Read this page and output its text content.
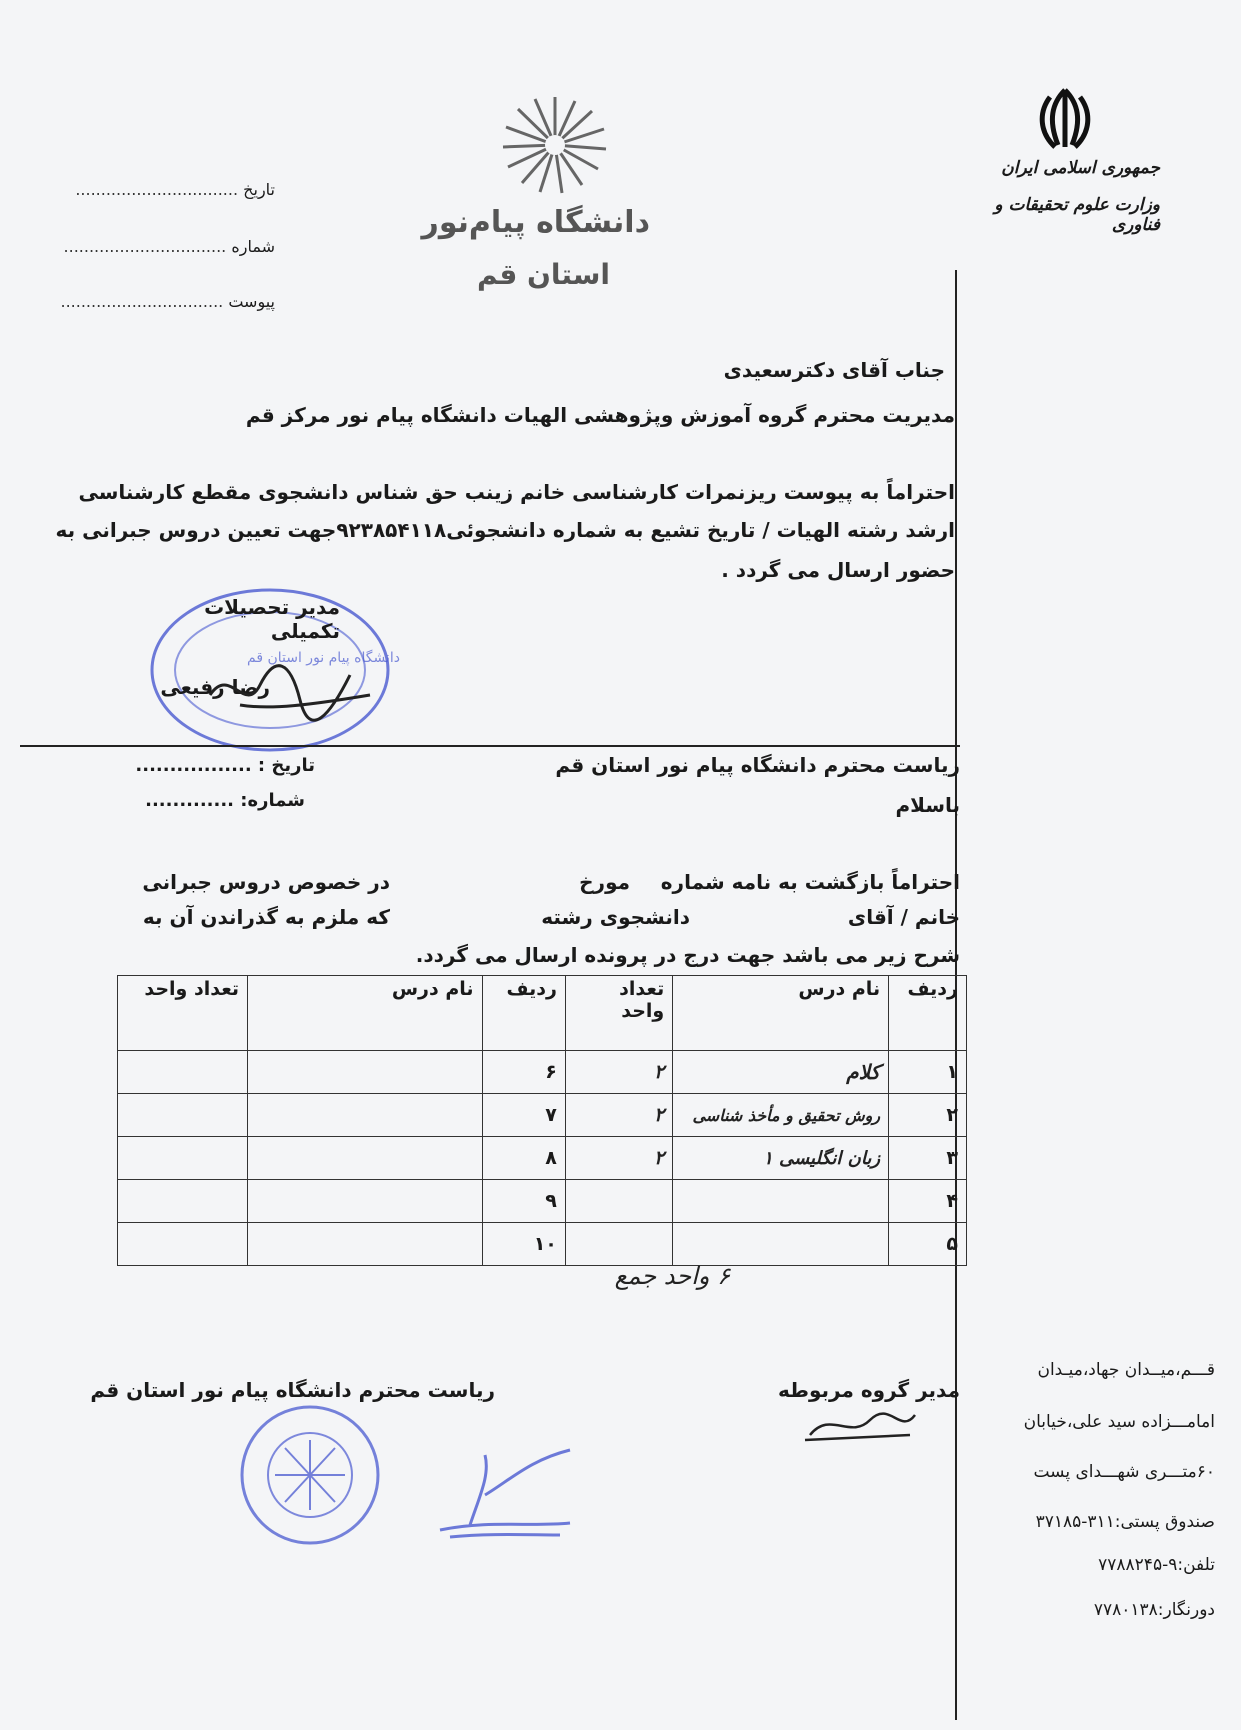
جمهوری اسلامی ایران
وزارت علوم تحقیقات و فناوری
دانشگاه پیام‌نور
استان قم
تاریخ ................................
شماره ................................
پیوست ................................
جناب آقای دکترسعیدی
مدیریت محترم گروه آموزش وپژوهشی الهیات دانشگاه پیام نور مرکز قم
احتراماً به پیوست ریزنمرات کارشناسی خانم زینب حق شناس دانشجوی مقطع کارشناسی
ارشد رشته الهیات / تاریخ تشیع به شماره دانشجوئی۹۲۳۸۵۴۱۱۸جهت تعیین دروس جبرانی به
حضور ارسال می گردد .
دانشگاه پیام نور استان قم
مدیر تحصیلات تکمیلی
رضا رفیعی
تاریخ : .................
شماره: .............
ریاست محترم دانشگاه پیام نور استان قم
باسلام
احتراماً بازگشت به نامه شماره
مورخ
در خصوص دروس جبرانی
خانم / آقای
دانشجوی رشته
که ملزم به گذراندن آن به
شرح زیر می باشد جهت درج در پرونده ارسال می گردد.
ردیف	نام درس	تعداد واحد	ردیف	نام درس	تعداد واحد
۱	کلام	۲	۶		
۲	روش تحقیق و مأخذ شناسی	۲	۷		
۳	زبان انگلیسی ۱	۲	۸		
۴			۹		
۵			۱۰		
۶ واحد جمع
مدیر گروه مربوطه
ریاست محترم دانشگاه پیام نور استان قم
قـــم،میــدان جهاد،میـدان
امامـــزاده سید علی،خیابان
۶۰متـــری شهـــدای پست
صندوق پستی:۳۱۱-۳۷۱۸۵
تلفن:۹-۷۷۸۸۲۴۵
دورنگار:۷۷۸۰۱۳۸
